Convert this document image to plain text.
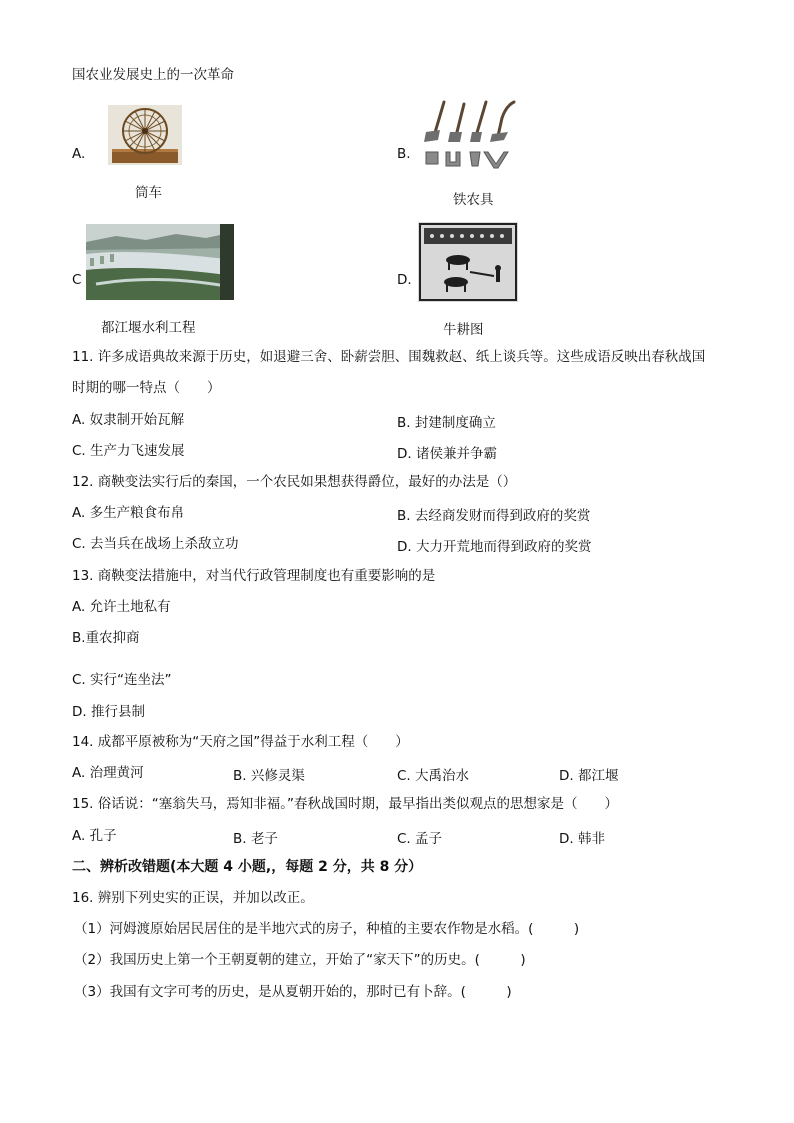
国农业发展史上的一次革命
A.
筒车
B.
铁农具
C
都江堰水利工程
D.
牛耕图
11. 许多成语典故来源于历史，如退避三舍、卧薪尝胆、围魏救赵、纸上谈兵等。这些成语反映出春秋战国
时期的哪一特点（　　）
A. 奴隶制开始瓦解	B. 封建制度确立
C. 生产力飞速发展	D. 诸侯兼并争霸
12. 商鞅变法实行后的秦国，一个农民如果想获得爵位，最好的办法是（）
A. 多生产粮食布帛	B. 去经商发财而得到政府的奖赏
C. 去当兵在战场上杀敌立功	D. 大力开荒地而得到政府的奖赏
13. 商鞅变法措施中，对当代行政管理制度也有重要影响的是
A. 允许土地私有
B.重农抑商
C. 实行“连坐法”
D. 推行县制
14. 成都平原被称为“天府之国”得益于水利工程（　　）
A. 治理黄河	B. 兴修灵渠	C. 大禹治水	D. 都江堰
15. 俗话说：“塞翁失马，焉知非福。”春秋战国时期，最早指出类似观点的思想家是（　　）
A. 孔子	B. 老子	C. 孟子	D. 韩非
二、辨析改错题(本大题 4 小题,，每题 2 分，共 8 分）
16. 辨别下列史实的正误，并加以改正。
（1）河姆渡原始居民居住的是半地穴式的房子，种植的主要农作物是水稻。(　　　)
（2）我国历史上第一个王朝夏朝的建立，开始了“家天下”的历史。(　　　)
（3）我国有文字可考的历史，是从夏朝开始的，那时已有卜辞。(　　　)
